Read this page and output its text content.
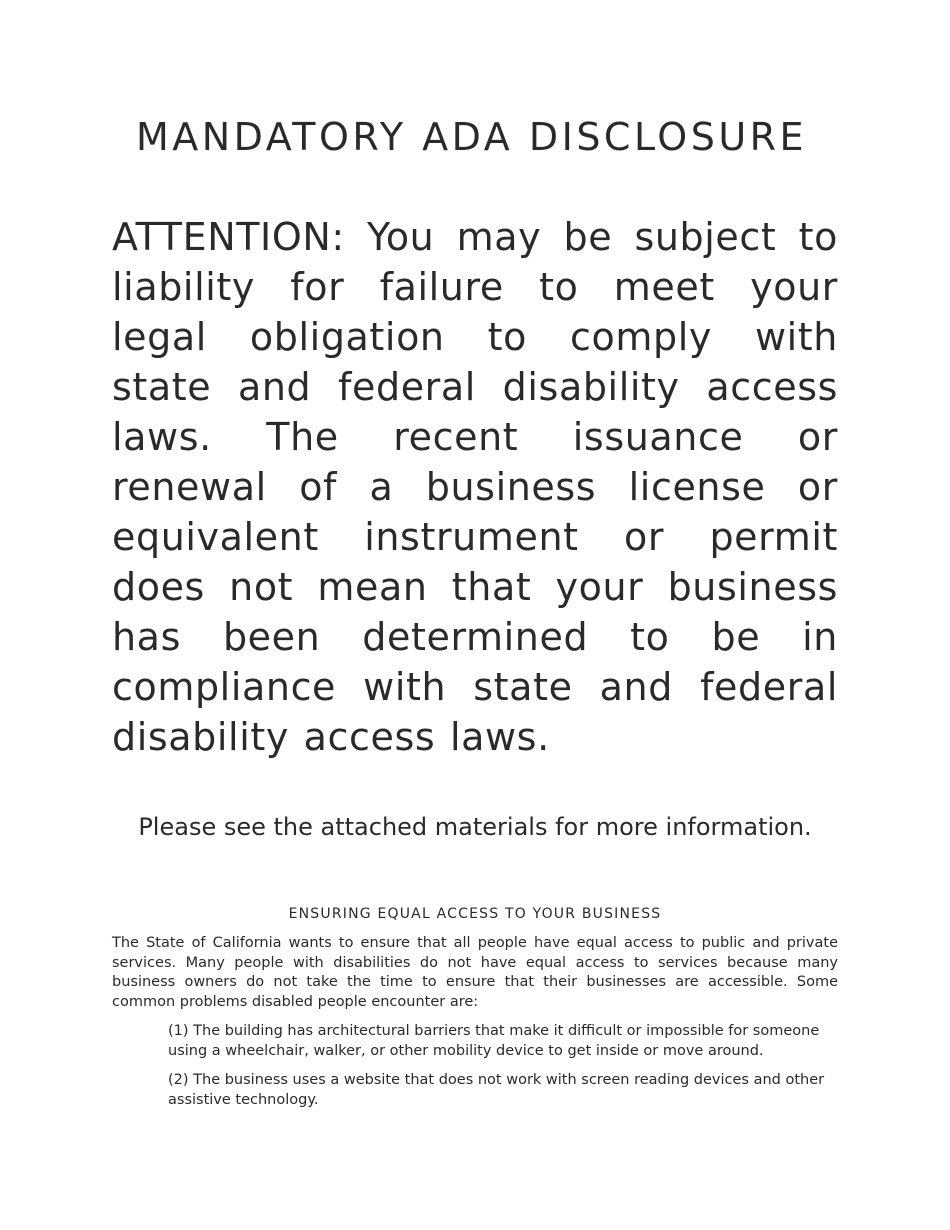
MANDATORY ADA DISCLOSURE

ATTENTION: You may be subject to liability for failure to meet your legal obligation to comply with state and federal disability access laws. The recent issuance or renewal of a business license or equivalent instrument or permit does not mean that your business has been determined to be in compliance with state and federal disability access laws.

Please see the attached materials for more information.

ENSURING EQUAL ACCESS TO YOUR BUSINESS

The State of California wants to ensure that all people have equal access to public and private services. Many people with disabilities do not have equal access to services because many business owners do not take the time to ensure that their businesses are accessible. Some common problems disabled people encounter are:

(1) The building has architectural barriers that make it difficult or impossible for someone using a wheelchair, walker, or other mobility device to get inside or move around.

(2) The business uses a website that does not work with screen reading devices and other assistive technology.
